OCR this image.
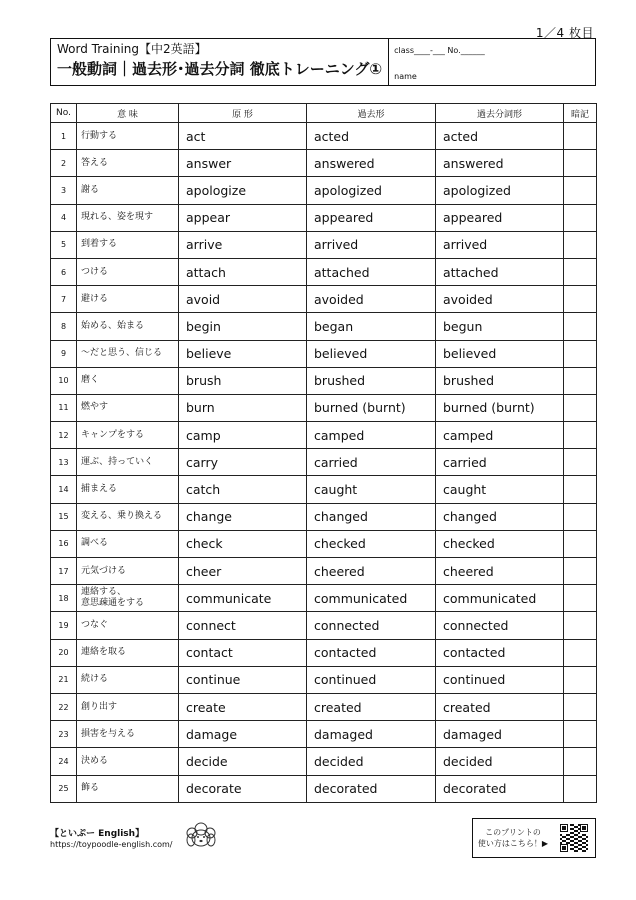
1／4 枚目
Word Training【中2英語】
一般動詞｜過去形･過去分詞 徹底トレーニング①
class____-___ No.______
name
No.	意 味	原 形	過去形	過去分詞形	暗記
1	行動する	act	acted	acted	
2	答える	answer	answered	answered	
3	謝る	apologize	apologized	apologized	
4	現れる、姿を現す	appear	appeared	appeared	
5	到着する	arrive	arrived	arrived	
6	つける	attach	attached	attached	
7	避ける	avoid	avoided	avoided	
8	始める、始まる	begin	began	begun	
9	～だと思う、信じる	believe	believed	believed	
10	磨く	brush	brushed	brushed	
11	燃やす	burn	burned (burnt)	burned (burnt)	
12	キャンプをする	camp	camped	camped	
13	運ぶ、持っていく	carry	carried	carried	
14	捕まえる	catch	caught	caught	
15	変える、乗り換える	change	changed	changed	
16	調べる	check	checked	checked	
17	元気づける	cheer	cheered	cheered	
18	連絡する、
意思疎通をする	communicate	communicated	communicated	
19	つなぐ	connect	connected	connected	
20	連絡を取る	contact	contacted	contacted	
21	続ける	continue	continued	continued	
22	創り出す	create	created	created	
23	損害を与える	damage	damaged	damaged	
24	決める	decide	decided	decided	
25	飾る	decorate	decorated	decorated	
【といぷー English】
https://toypoodle-english.com/
このプリントの
使い方はこちら！▶
